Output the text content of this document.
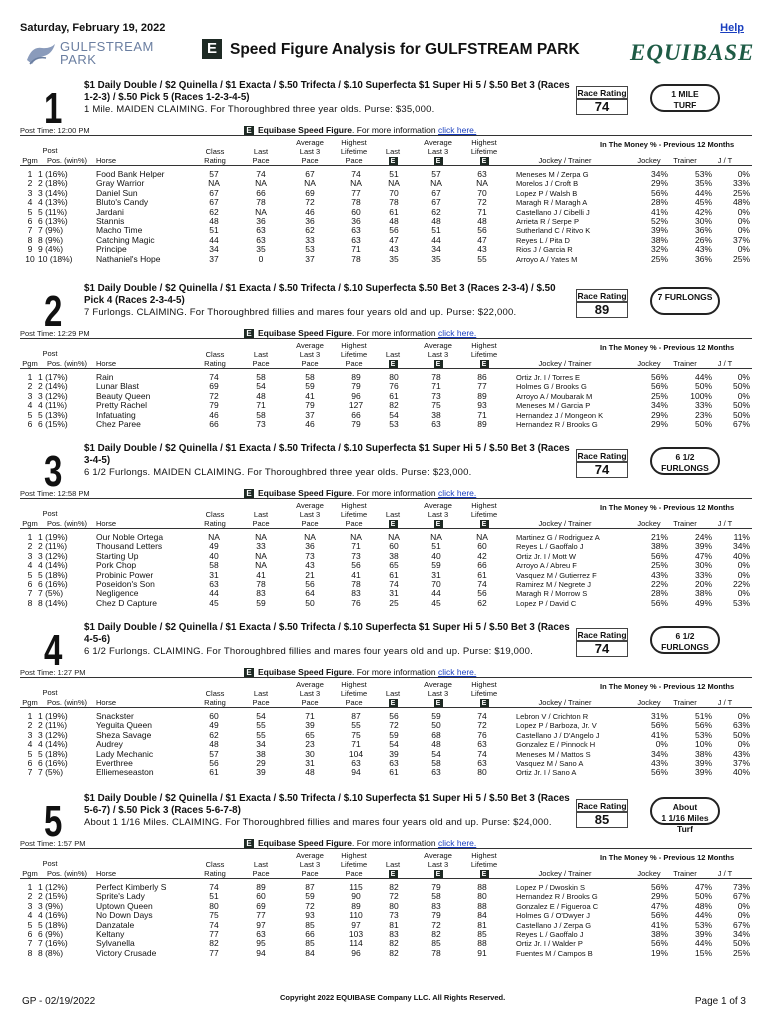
Saturday, February 19, 2022	Help
GULFSTREAM
PARK
E Speed Figure Analysis for GULFSTREAM PARK EQUIBASE
1 $1 Daily Double / $2 Quinella / $1 Exacta / $.50 Trifecta / $.10 Superfecta $1 Super Hi 5 / $.50 Bet 3 (Races 1-2-3) / $.50 Pick 5 (Races 1-2-3-4-5)
1 Mile. MAIDEN CLAIMING. For Thoroughbred three year olds. Purse: $35,000.
Race Rating
74
1 MILE
TURF
Post Time: 12:00 PM	E Equibase Speed Figure. For more information click here.
Post
Pgm	Pos. (win%)	Horse
Class
Rating
Last
Pace
Average
Last 3
Pace
Highest
Lifetime
Pace
Last
E
Average
Last 3
E
Highest
Lifetime
E
In The Money % - Previous 12 Months
Jockey / Trainer	Jockey	Trainer	J / T
1 1 (16%)	Food Bank Helper	57	74	67	74	51	57	63	Meneses M / Zerpa G	34%	53%	0%
2 2 (18%)	Gray Warrior	NA	NA	NA	NA	NA	NA	NA	Morelos J / Croft B	29%	35%	33%
3 3 (14%)	Daniel Sun	67	66	69	77	70	67	70	Lopez P / Walsh B	56%	44%	25%
4 4 (13%)	Bluto's Candy	67	78	72	78	78	67	72	Maragh R / Maragh A	28%	45%	48%
5 5 (11%)	Jardani	62	NA	46	60	61	62	71	Castellano J / Cibelli J	41%	42%	0%
6 6 (13%)	Stannis	48	36	36	36	48	48	48	Arrieta R / Serpe P	52%	30%	0%
7 7 (9%)	Macho Time	51	63	62	63	56	51	56	Sutherland C / Ritvo K	39%	36%	0%
8 8 (9%)	Catching Magic	44	63	33	63	47	44	47	Reyes L / Pita D	38%	26%	37%
9 9 (4%)	Principe	34	35	53	71	43	34	43	Rios J / Garcia R	32%	43%	0%
10 10 (18%)	Nathaniel's Hope	37	0	37	78	35	35	55	Arroyo A / Yates M	25%	36%	25%
2 $1 Daily Double / $2 Quinella / $1 Exacta / $.50 Trifecta / $.10 Superfecta $.50 Bet 3 (Races 2-3-4) / $.50 Pick 4 (Races 2-3-4-5)
7 Furlongs. CLAIMING. For Thoroughbred fillies and mares four years old and up. Purse: $22,000.
Race Rating
89
7 FURLONGS
Post Time: 12:29 PM	E Equibase Speed Figure. For more information click here.
Post
Pgm	Pos. (win%)	Horse
Class
Rating
Last
Pace
Average
Last 3
Pace
Highest
Lifetime
Pace
Last
E
Average
Last 3
E
Highest
Lifetime
E
In The Money % - Previous 12 Months
Jockey / Trainer	Jockey	Trainer	J / T
1 1 (17%)	Rain	74	58	58	89	80	78	86	Ortiz Jr. I / Torres E	56%	44%	0%
2 2 (14%)	Lunar Blast	69	54	59	79	76	71	77	Holmes G / Brooks G	56%	50%	50%
3 3 (12%)	Beauty Queen	72	48	41	96	61	73	89	Arroyo A / Moubarak M	25%	100%	0%
4 4 (11%)	Pretty Rachel	79	71	79	127	82	75	93	Meneses M / Garcia P	34%	33%	50%
5 5 (13%)	Infatuating	46	58	37	66	54	38	71	Hernandez J / Mongeon K	29%	23%	50%
6 6 (15%)	Chez Paree	66	73	46	79	53	63	89	Hernandez R / Brooks G	29%	50%	67%
3 $1 Daily Double / $2 Quinella / $1 Exacta / $.50 Trifecta / $.10 Superfecta $1 Super Hi 5 / $.50 Bet 3 (Races 3-4-5)
6 1/2 Furlongs. MAIDEN CLAIMING. For Thoroughbred three year olds. Purse: $23,000.
Race Rating
74
6 1/2
FURLONGS
Post Time: 12:58 PM	E Equibase Speed Figure. For more information click here.
Post
Pgm	Pos. (win%)	Horse
Class
Rating
Last
Pace
Average
Last 3
Pace
Highest
Lifetime
Pace
Last
E
Average
Last 3
E
Highest
Lifetime
E
In The Money % - Previous 12 Months
Jockey / Trainer	Jockey	Trainer	J / T
1 1 (19%)	Our Noble Ortega	NA	NA	NA	NA	NA	NA	NA	Martinez G / Rodriguez A	21%	24%	11%
2 2 (11%)	Thousand Letters	49	33	36	71	60	51	60	Reyes L / Gaoffalo J	38%	39%	34%
3 3 (12%)	Starting Up	40	NA	73	73	38	40	42	Ortiz Jr. I / Mott W	56%	47%	40%
4 4 (14%)	Pork Chop	58	NA	43	56	65	59	66	Arroyo A / Abreu F	25%	30%	0%
5 5 (18%)	Probinic Power	31	41	21	41	61	31	61	Vasquez M / Gutierrez F	43%	33%	0%
6 6 (16%)	Poseidon's Son	63	78	56	78	74	70	74	Ramirez M / Negrete J	22%	20%	22%
7 7 (5%)	Negligence	44	83	64	83	31	44	56	Maragh R / Morrow S	28%	38%	0%
8 8 (14%)	Chez D Capture	45	59	50	76	25	45	62	Lopez P / David C	56%	49%	53%
4 $1 Daily Double / $2 Quinella / $1 Exacta / $.50 Trifecta / $.10 Superfecta $1 Super Hi 5 / $.50 Bet 3 (Races 4-5-6)
6 1/2 Furlongs. CLAIMING. For Thoroughbred fillies and mares four years old and up. Purse: $19,000.
Race Rating
74
6 1/2
FURLONGS
Post Time: 1:27 PM	E Equibase Speed Figure. For more information click here.
Post
Pgm	Pos. (win%)	Horse
Class
Rating
Last
Pace
Average
Last 3
Pace
Highest
Lifetime
Pace
Last
E
Average
Last 3
E
Highest
Lifetime
E
In The Money % - Previous 12 Months
Jockey / Trainer	Jockey	Trainer	J / T
1 1 (19%)	Snackster	60	54	71	87	56	59	74	Lebron V / Crichton R	31%	51%	0%
2 2 (11%)	Yeguita Queen	49	55	39	55	72	50	72	Lopez P / Barboza, Jr. V	56%	56%	63%
3 3 (12%)	Sheza Savage	62	55	65	75	59	68	76	Castellano J / D'Angelo J	41%	53%	50%
4 4 (14%)	Audrey	48	34	23	71	54	48	63	Gonzalez E / Pinnock H	0%	10%	0%
5 5 (18%)	Lady Mechanic	57	38	30	104	39	54	74	Meneses M / Mattos S	34%	38%	43%
6 6 (16%)	Everthree	56	29	31	63	63	58	63	Vasquez M / Sano A	43%	39%	37%
7 7 (5%)	Elliemeseaston	61	39	48	94	61	63	80	Ortiz Jr. I / Sano A	56%	39%	40%
5 $1 Daily Double / $2 Quinella / $1 Exacta / $.50 Trifecta / $.10 Superfecta $1 Super Hi 5 / $.50 Bet 3 (Races 5-6-7) / $.50 Pick 3 (Races 5-6-7-8)
About 1 1/16 Miles. CLAIMING. For Thoroughbred fillies and mares four years old and up. Purse: $24,000.
Race Rating
85
About
1 1/16 Miles
Turf
Post Time: 1:57 PM	E Equibase Speed Figure. For more information click here.
Post
Pgm	Pos. (win%)	Horse
Class
Rating
Last
Pace
Average
Last 3
Pace
Highest
Lifetime
Pace
Last
E
Average
Last 3
E
Highest
Lifetime
E
In The Money % - Previous 12 Months
Jockey / Trainer	Jockey	Trainer	J / T
1 1 (12%)	Perfect Kimberly S	74	89	87	115	82	79	88	Lopez P / Dwoskin S	56%	47%	73%
2 2 (15%)	Sprite's Lady	51	60	59	90	72	58	80	Hernandez R / Brooks G	29%	50%	67%
3 3 (9%)	Uptown Queen	80	69	72	89	80	83	88	Gonzalez E / Figueroa C	47%	48%	0%
4 4 (16%)	No Down Days	75	77	93	110	73	79	84	Holmes G / O'Dwyer J	56%	44%	0%
5 5 (18%)	Danzatale	74	97	85	97	81	72	81	Castellano J / Zerpa G	41%	53%	67%
6 6 (9%)	Keltany	77	63	66	103	83	82	85	Reyes L / Gaoffalo J	38%	39%	34%
7 7 (16%)	Sylvanella	82	95	85	114	82	85	88	Ortiz Jr. I / Walder P	56%	44%	50%
8 8 (8%)	Victory Crusade	77	94	84	96	82	78	91	Fuentes M / Campos B	19%	15%	25%
GP - 02/19/2022	Copyright 2022 EQUIBASE Company LLC. All Rights Reserved.	Page 1 of 3
